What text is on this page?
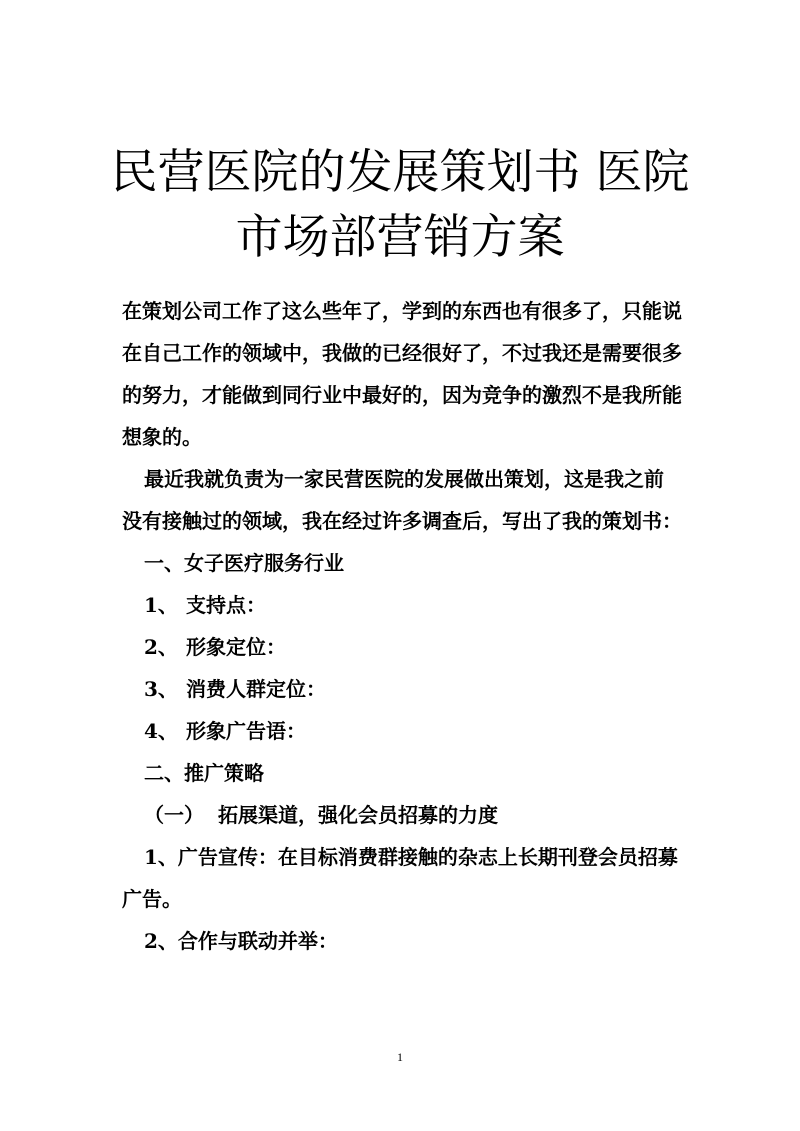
民营医院的发展策划书 医院市场部营销方案

在策划公司工作了这么些年了，学到的东西也有很多了，只能说在自己工作的领域中，我做的已经很好了，不过我还是需要很多的努力，才能做到同行业中最好的，因为竞争的激烈不是我所能想象的。

最近我就负责为一家民营医院的发展做出策划，这是我之前没有接触过的领域，我在经过许多调查后，写出了我的策划书：

一、女子医疗服务行业

1、 支持点：

2、 形象定位：

3、 消费人群定位：

4、 形象广告语：

二、推广策略

（一） 拓展渠道，强化会员招募的力度

1、广告宣传：在目标消费群接触的杂志上长期刊登会员招募广告。

2、合作与联动并举：

1
